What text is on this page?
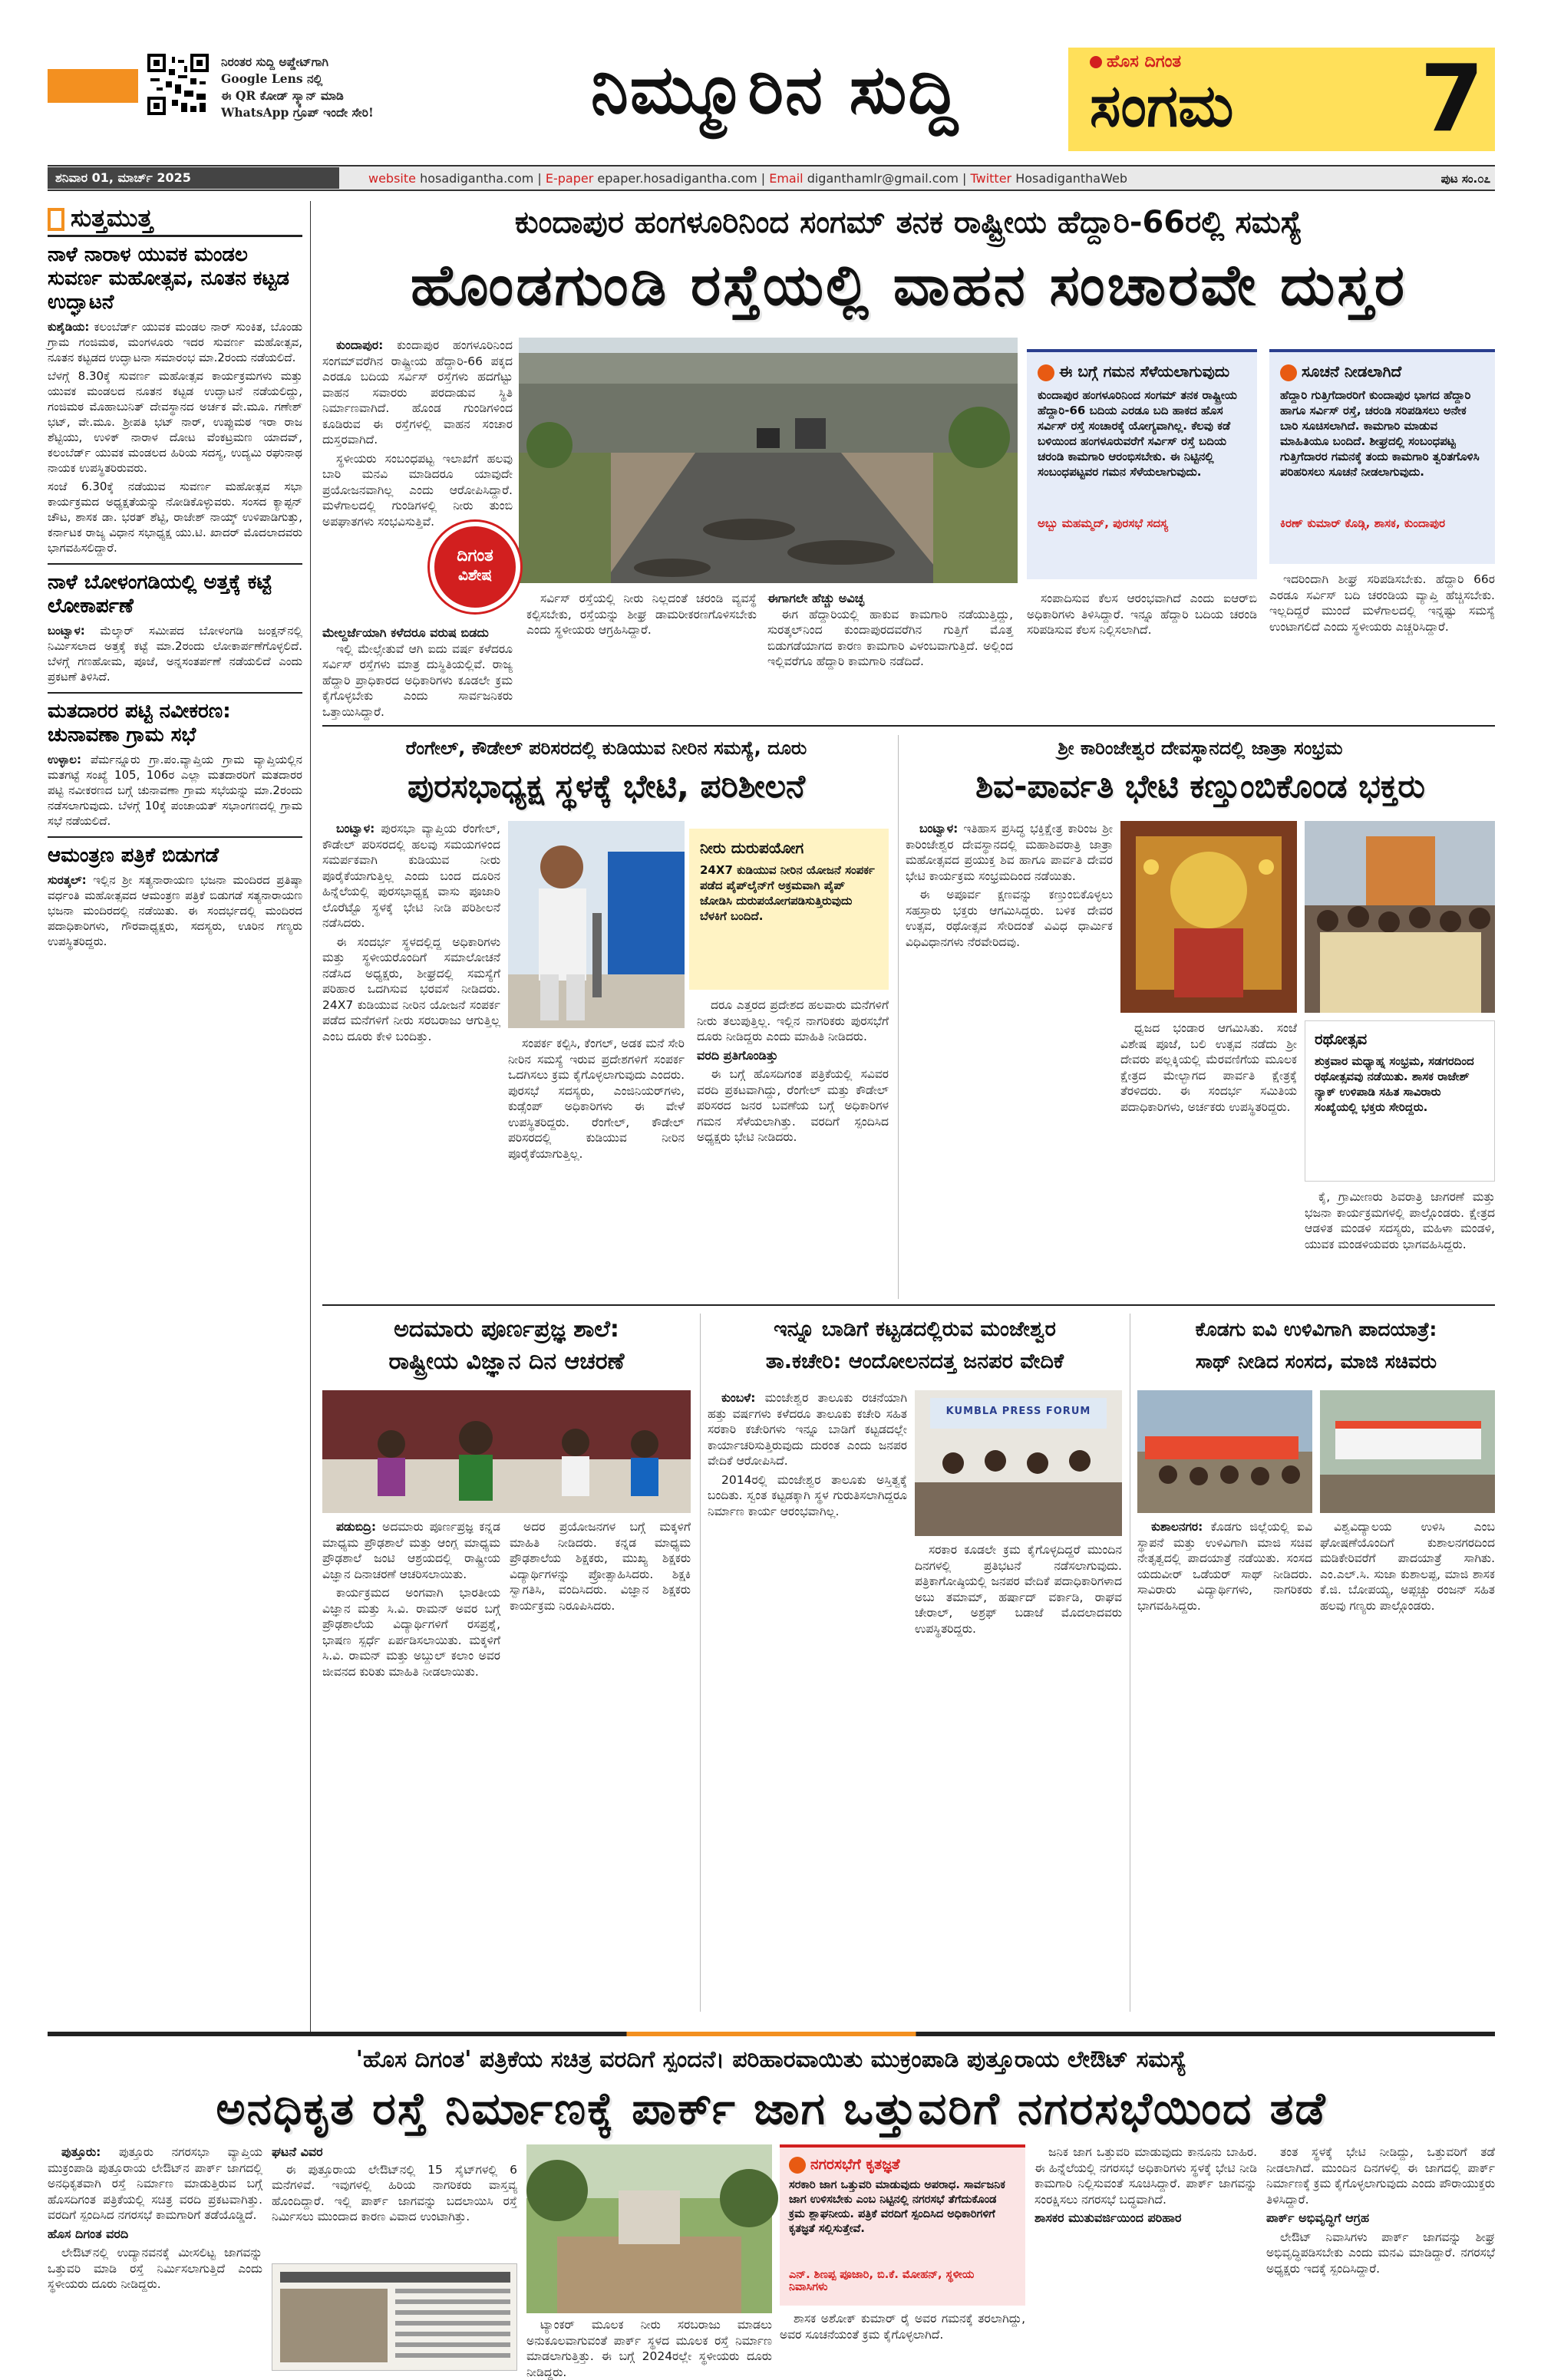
ನಿರಂತರ ಸುದ್ದಿ ಅಪ್ಡೇಟ್‌ಗಾಗಿ
Google Lens ನಲ್ಲಿ
ಈ QR ಕೋಡ್ ಸ್ಕ್ಯಾನ್ ಮಾಡಿ
WhatsApp ಗ್ರೂಪ್ ಇಂದೇ ಸೇರಿ!	ನಿಮ್ಮೂರಿನ ಸುದ್ದಿ	ಹೊಸ ದಿಗಂತ
ಸಂಗಮ 7
ಶನಿವಾರ 01, ಮಾರ್ಚ್ 2025	website hosadigantha.com | E-paper epaper.hosadigantha.com | Email diganthamlr@gmail.com | Twitter HosadiganthaWeb	ಪುಟ ಸಂ.೦೭
ಸುತ್ತಮುತ್ತ
ನಾಳೆ ನಾರಾಳ ಯುವಕ ಮಂಡಲ ಸುವರ್ಣ ಮಹೋತ್ಸವ, ನೂತನ ಕಟ್ಟಡ ಉದ್ಘಾಟನೆ

ಕುಶೈಡಿಯ: ಕಲಂಬೆರ್ಡ್ ಯುವಕ ಮಂಡಲ ನಾರ್ ಸುಂಕಿತ, ಬೊಂಡು ಗ್ರಾಮ ಗಂಜಿಮಠ, ಮಂಗಳೂರು ಇದರ ಸುವರ್ಣ ಮಹೋತ್ಸವ, ನೂತನ ಕಟ್ಟಡದ ಉದ್ಘಾಟನಾ ಸಮಾರಂಭ ಮಾ.2ರಂದು ನಡೆಯಲಿದೆ.

ಬೆಳಗ್ಗೆ 8.30ಕ್ಕೆ ಸುವರ್ಣ ಮಹೋತ್ಸವ ಕಾರ್ಯಕ್ರಮಗಳು ಮತ್ತು ಯುವಕ ಮಂಡಲದ ನೂತನ ಕಟ್ಟಡ ಉದ್ಘಾಟನೆ ನಡೆಯಲಿದ್ದು, ಗಂಜಿಮಠ ಮೊಹಾಬುನಿತ್ ದೇವಸ್ಥಾನದ ಅರ್ಚಕ ವೇ.ಮೂ. ಗಣೇಶ್ ಭಟ್, ವೇ.ಮೂ. ಶ್ರೀಪತಿ ಭಟ್ ನಾರ್, ಉಪ್ಪುಮಠ ಇರಾ ರಾಜ ಶೆಟ್ಟಿಯು, ಉಳಿಕ್ ನಾರಾಳ ದೋಟ ವೆಂಕಟ್ರಮಣ ಯಾದವ್, ಕಲಂಬೆರ್ಡ್ ಯುವಕ ಮಂಡಲದ ಹಿರಿಯ ಸದಸ್ಯ, ಉದ್ಯಮಿ ರಘುನಾಥ ನಾಯಕ ಉಪಸ್ಥಿತರಿರುವರು.

ಸಂಜೆ 6.30ಕ್ಕೆ ನಡೆಯುವ ಸುವರ್ಣ ಮಹೋತ್ಸವ ಸಭಾ ಕಾರ್ಯಕ್ರಮದ ಅಧ್ಯಕ್ಷತೆಯನ್ನು ನೋಡಿಕೊಳ್ಳುವರು. ಸಂಸದ ಕ್ಯಾಪ್ಟನ್ ಚೌಟ, ಶಾಸಕ ಡಾ. ಭರತ್ ಶೆಟ್ಟಿ, ರಾಜೇಶ್ ನಾಯ್ಕ್ ಉಳಿಪಾಡಿಗುತ್ತು, ಕರ್ನಾಟಕ ರಾಜ್ಯ ವಿಧಾನ ಸಭಾಧ್ಯಕ್ಷ ಯು.ಟಿ. ಖಾದರ್ ಮೊದಲಾದವರು ಭಾಗವಹಿಸಲಿದ್ದಾರೆ.

ನಾಳೆ ಬೋಳಂಗಡಿಯಲ್ಲಿ ಅತ್ತಕ್ಕೆ ಕಟ್ಟೆ ಲೋಕಾರ್ಪಣೆ

ಬಂಟ್ವಾಳ: ಮೆಲ್ಕಾರ್ ಸಮೀಪದ ಬೋಳಂಗಡಿ ಜಂಕ್ಷನ್‌ನಲ್ಲಿ ನಿರ್ಮಿಸಲಾದ ಅತ್ತಕ್ಕೆ ಕಟ್ಟೆ ಮಾ.2ರಂದು ಲೋಕಾರ್ಪಣೆಗೊಳ್ಳಲಿದೆ. ಬೆಳಗ್ಗೆ ಗಣಹೋಮ, ಪೂಜೆ, ಅನ್ನಸಂತರ್ಪಣೆ ನಡೆಯಲಿದೆ ಎಂದು ಪ್ರಕಟಣೆ ತಿಳಿಸಿದೆ.

ಮತದಾರರ ಪಟ್ಟಿ ನವೀಕರಣ: ಚುನಾವಣಾ ಗ್ರಾಮ ಸಭೆ

ಉಳ್ಳಾಲ: ಪೆರ್ಮನ್ನೂರು ಗ್ರಾ.ಪಂ.ವ್ಯಾಪ್ತಿಯ ಗ್ರಾಮ ವ್ಯಾಪ್ತಿಯಲ್ಲಿನ ಮತಗಟ್ಟೆ ಸಂಖ್ಯೆ 105, 106ರ ಎಲ್ಲಾ ಮತದಾರರಿಗೆ ಮತದಾರರ ಪಟ್ಟಿ ನವೀಕರಣದ ಬಗ್ಗೆ ಚುನಾವಣಾ ಗ್ರಾಮ ಸಭೆಯನ್ನು ಮಾ.2ರಂದು ನಡೆಸಲಾಗುವುದು. ಬೆಳಗ್ಗೆ 10ಕ್ಕೆ ಪಂಚಾಯತ್ ಸಭಾಂಗಣದಲ್ಲಿ ಗ್ರಾಮ ಸಭೆ ನಡೆಯಲಿದೆ.

ಆಮಂತ್ರಣ ಪತ್ರಿಕೆ ಬಿಡುಗಡೆ

ಸುರತ್ಕಲ್: ಇಲ್ಲಿನ ಶ್ರೀ ಸತ್ಯನಾರಾಯಣ ಭಜನಾ ಮಂದಿರದ ಪ್ರತಿಷ್ಠಾ ವರ್ಧಂತಿ ಮಹೋತ್ಸವದ ಆಮಂತ್ರಣ ಪತ್ರಿಕೆ ಬಿಡುಗಡೆ ಸತ್ಯನಾರಾಯಣ ಭಜನಾ ಮಂದಿರದಲ್ಲಿ ನಡೆಯಿತು. ಈ ಸಂದರ್ಭದಲ್ಲಿ ಮಂದಿರದ ಪದಾಧಿಕಾರಿಗಳು, ಗೌರವಾಧ್ಯಕ್ಷರು, ಸದಸ್ಯರು, ಊರಿನ ಗಣ್ಯರು ಉಪಸ್ಥಿತರಿದ್ದರು.

ಕುಂದಾಪುರ ಹಂಗಳೂರಿನಿಂದ ಸಂಗಮ್ ತನಕ ರಾಷ್ಟ್ರೀಯ ಹೆದ್ದಾರಿ-66ರಲ್ಲಿ ಸಮಸ್ಯೆ
ಹೊಂಡಗುಂಡಿ ರಸ್ತೆಯಲ್ಲಿ ವಾಹನ ಸಂಚಾರವೇ ದುಸ್ತರ

ಕುಂದಾಪುರ: ಕುಂದಾಪುರ ಹಂಗಳೂರಿನಿಂದ ಸಂಗಮ್‌ವರೆಗಿನ ರಾಷ್ಟ್ರೀಯ ಹೆದ್ದಾರಿ-66 ಪಕ್ಕದ ಎರಡೂ ಬದಿಯ ಸರ್ವಿಸ್ ರಸ್ತೆಗಳು ಹದಗೆಟ್ಟು ವಾಹನ ಸವಾರರು ಪರದಾಡುವ ಸ್ಥಿತಿ ನಿರ್ಮಾಣವಾಗಿದೆ. ಹೊಂಡ ಗುಂಡಿಗಳಿಂದ ಕೂಡಿರುವ ಈ ರಸ್ತೆಗಳಲ್ಲಿ ವಾಹನ ಸಂಚಾರ ದುಸ್ತರವಾಗಿದೆ.

ಸ್ಥಳೀಯರು ಸಂಬಂಧಪಟ್ಟ ಇಲಾಖೆಗೆ ಹಲವು ಬಾರಿ ಮನವಿ ಮಾಡಿದರೂ ಯಾವುದೇ ಪ್ರಯೋಜನವಾಗಿಲ್ಲ ಎಂದು ಆರೋಪಿಸಿದ್ದಾರೆ. ಮಳೆಗಾಲದಲ್ಲಿ ಗುಂಡಿಗಳಲ್ಲಿ ನೀರು ತುಂಬಿ ಅಪಘಾತಗಳು ಸಂಭವಿಸುತ್ತಿವೆ.

ದಿಗಂತ
ವಿಶೇಷ
ಮೇಲ್ದರ್ಜೆಯಾಗಿ ಕಳೆದರೂ ವರುಷ ಬಿಡದು

ಇಲ್ಲಿ ಮೇಲ್ಸೇತುವೆ ಆಗಿ ಐದು ವರ್ಷ ಕಳೆದರೂ ಸರ್ವಿಸ್ ರಸ್ತೆಗಳು ಮಾತ್ರ ದುಸ್ಥಿತಿಯಲ್ಲಿವೆ. ರಾಜ್ಯ ಹೆದ್ದಾರಿ ಪ್ರಾಧಿಕಾರದ ಅಧಿಕಾರಿಗಳು ಕೂಡಲೇ ಕ್ರಮ ಕೈಗೊಳ್ಳಬೇಕು ಎಂದು ಸಾರ್ವಜನಿಕರು ಒತ್ತಾಯಿಸಿದ್ದಾರೆ.

ಸರ್ವಿಸ್ ರಸ್ತೆಯಲ್ಲಿ ನೀರು ನಿಲ್ಲದಂತೆ ಚರಂಡಿ ವ್ಯವಸ್ಥೆ ಕಲ್ಪಿಸಬೇಕು, ರಸ್ತೆಯನ್ನು ಶೀಘ್ರ ಡಾಮರೀಕರಣಗೊಳಿಸಬೇಕು ಎಂದು ಸ್ಥಳೀಯರು ಆಗ್ರಹಿಸಿದ್ದಾರೆ.

ಈಗಾಗಲೇ ಹೆಚ್ಚು ಅವಿಚ್ಛ

ಈಗ ಹೆದ್ದಾರಿಯಲ್ಲಿ ಹಾಕುವ ಕಾಮಗಾರಿ ನಡೆಯುತ್ತಿದ್ದು, ಸುರತ್ಕಲ್‌ನಿಂದ ಕುಂದಾಪುರದವರೆಗಿನ ಗುತ್ತಿಗೆ ಮೊತ್ತ ಬಿಡುಗಡೆಯಾಗದ ಕಾರಣ ಕಾಮಗಾರಿ ವಿಳಂಬವಾಗುತ್ತಿದೆ. ಅಲ್ಲಿಂದ ಇಲ್ಲಿವರೆಗೂ ಹೆದ್ದಾರಿ ಕಾಮಗಾರಿ ನಡೆದಿದೆ.

ಈ ಬಗ್ಗೆ ಗಮನ ಸೆಳೆಯಲಾಗುವುದು
ಕುಂದಾಪುರ ಹಂಗಳೂರಿನಿಂದ ಸಂಗಮ್ ತನಕ ರಾಷ್ಟ್ರೀಯ ಹೆದ್ದಾರಿ-66 ಬದಿಯ ಎರಡೂ ಬದಿ ಹಾಕದ ಹೊಸ ಸರ್ವಿಸ್ ರಸ್ತೆ ಸಂಚಾರಕ್ಕೆ ಯೋಗ್ಯವಾಗಿಲ್ಲ. ಕೆಲವು ಕಡೆ ಬಳಿಯಿಂದ ಹಂಗಳೂರುವರೆಗೆ ಸರ್ವಿಸ್ ರಸ್ತೆ ಬದಿಯ ಚರಂಡಿ ಕಾಮಗಾರಿ ಆರಂಭಿಸಬೇಕು. ಈ ನಿಟ್ಟಿನಲ್ಲಿ ಸಂಬಂಧಪಟ್ಟವರ ಗಮನ ಸೆಳೆಯಲಾಗುವುದು.
ಅಬ್ಬು ಮಹಮ್ಮದ್, ಪುರಸಭೆ ಸದಸ್ಯ
ಸೂಚನೆ ನೀಡಲಾಗಿದೆ
ಹೆದ್ದಾರಿ ಗುತ್ತಿಗೆದಾರರಿಗೆ ಕುಂದಾಪುರ ಭಾಗದ ಹೆದ್ದಾರಿ ಹಾಗೂ ಸರ್ವಿಸ್ ರಸ್ತೆ, ಚರಂಡಿ ಸರಿಪಡಿಸಲು ಅನೇಕ ಬಾರಿ ಸೂಚಿಸಲಾಗಿದೆ. ಕಾಮಗಾರಿ ಮಾಡುವ ಮಾಹಿತಿಯೂ ಬಂದಿದೆ. ಶೀಘ್ರದಲ್ಲಿ ಸಂಬಂಧಪಟ್ಟ ಗುತ್ತಿಗೆದಾರರ ಗಮನಕ್ಕೆ ತಂದು ಕಾಮಗಾರಿ ತ್ವರಿತಗೊಳಿಸಿ ಪರಿಹರಿಸಲು ಸೂಚನೆ ನೀಡಲಾಗುವುದು.
ಕಿರಣ್ ಕುಮಾರ್ ಕೊಡ್ಗಿ, ಶಾಸಕ, ಕುಂದಾಪುರ

ಸಂಪಾದಿಸುವ ಕೆಲಸ ಆರಂಭವಾಗಿದೆ ಎಂದು ಐಆರ್‌ಬಿ ಅಧಿಕಾರಿಗಳು ತಿಳಿಸಿದ್ದಾರೆ. ಇನ್ನೂ ಹೆದ್ದಾರಿ ಬದಿಯ ಚರಂಡಿ ಸರಿಪಡಿಸುವ ಕೆಲಸ ನಿಲ್ಲಿಸಲಾಗಿದೆ.

ಇದರಿಂದಾಗಿ ಶೀಘ್ರ ಸರಿಪಡಿಸಬೇಕು. ಹೆದ್ದಾರಿ 66ರ ಎರಡೂ ಸರ್ವಿಸ್ ಬದಿ ಚರಂಡಿಯ ವ್ಯಾಪ್ತಿ ಹೆಚ್ಚಿಸಬೇಕು. ಇಲ್ಲದಿದ್ದರೆ ಮುಂದೆ ಮಳೆಗಾಲದಲ್ಲಿ ಇನ್ನಷ್ಟು ಸಮಸ್ಯೆ ಉಂಟಾಗಲಿದೆ ಎಂದು ಸ್ಥಳೀಯರು ಎಚ್ಚರಿಸಿದ್ದಾರೆ.

ರೆಂಗೇಲ್, ಕೌಡೇಲ್ ಪರಿಸರದಲ್ಲಿ ಕುಡಿಯುವ ನೀರಿನ ಸಮಸ್ಯೆ, ದೂರು
ಪುರಸಭಾಧ್ಯಕ್ಷ ಸ್ಥಳಕ್ಕೆ ಭೇಟಿ, ಪರಿಶೀಲನೆ

ಬಂಟ್ವಾಳ: ಪುರಸಭಾ ವ್ಯಾಪ್ತಿಯ ರೆಂಗೇಲ್, ಕೌಡೇಲ್ ಪರಿಸರದಲ್ಲಿ ಹಲವು ಸಮಯಗಳಿಂದ ಸಮರ್ಪಕವಾಗಿ ಕುಡಿಯುವ ನೀರು ಪೂರೈಕೆಯಾಗುತ್ತಿಲ್ಲ ಎಂದು ಬಂದ ದೂರಿನ ಹಿನ್ನೆಲೆಯಲ್ಲಿ ಪುರಸಭಾಧ್ಯಕ್ಷ ವಾಸು ಪೂಜಾರಿ ಲೊರೆಟ್ಟೊ ಸ್ಥಳಕ್ಕೆ ಭೇಟಿ ನೀಡಿ ಪರಿಶೀಲನೆ ನಡೆಸಿದರು.

ಈ ಸಂದರ್ಭ ಸ್ಥಳದಲ್ಲಿದ್ದ ಅಧಿಕಾರಿಗಳು ಮತ್ತು ಸ್ಥಳೀಯರೊಂದಿಗೆ ಸಮಾಲೋಚನೆ ನಡೆಸಿದ ಅಧ್ಯಕ್ಷರು, ಶೀಘ್ರದಲ್ಲಿ ಸಮಸ್ಯೆಗೆ ಪರಿಹಾರ ಒದಗಿಸುವ ಭರವಸೆ ನೀಡಿದರು. 24X7 ಕುಡಿಯುವ ನೀರಿನ ಯೋಜನೆ ಸಂಪರ್ಕ ಪಡೆದ ಮನೆಗಳಿಗೆ ನೀರು ಸರಬರಾಜು ಆಗುತ್ತಿಲ್ಲ ಎಂಬ ದೂರು ಕೇಳಿ ಬಂದಿತ್ತು.

ನೀರು ದುರುಪಯೋಗ
24X7 ಕುಡಿಯುವ ನೀರಿನ ಯೋಜನೆ ಸಂಪರ್ಕ ಪಡೆದ ಪೈಪ್‌ಲೈನ್‌ಗೆ ಅಕ್ರಮವಾಗಿ ಪೈಪ್ ಜೋಡಿಸಿ ದುರುಪಯೋಗಪಡಿಸುತ್ತಿರುವುದು ಬೆಳಕಿಗೆ ಬಂದಿದೆ.

ಸಂಪರ್ಕ ಕಲ್ಪಿಸಿ, ಕೆಂಗಲ್, ಅಡಕ ಮನೆ ಸೇರಿ ನೀರಿನ ಸಮಸ್ಯೆ ಇರುವ ಪ್ರದೇಶಗಳಿಗೆ ಸಂಪರ್ಕ ಒದಗಿಸಲು ಕ್ರಮ ಕೈಗೊಳ್ಳಲಾಗುವುದು ಎಂದರು. ಪುರಸಭೆ ಸದಸ್ಯರು, ಎಂಜಿನಿಯರ್‌ಗಳು, ಕುಡ್ಸೆಂಪ್ ಅಧಿಕಾರಿಗಳು ಈ ವೇಳೆ ಉಪಸ್ಥಿತರಿದ್ದರು. ರೆಂಗೇಲ್, ಕೌಡೇಲ್ ಪರಿಸರದಲ್ಲಿ ಕುಡಿಯುವ ನೀರಿನ ಪೂರೈಕೆಯಾಗುತ್ತಿಲ್ಲ.

ದರೂ ಎತ್ತರದ ಪ್ರದೇಶದ ಹಲವಾರು ಮನೆಗಳಿಗೆ ನೀರು ತಲುಪುತ್ತಿಲ್ಲ. ಇಲ್ಲಿನ ನಾಗರಿಕರು ಪುರಸಭೆಗೆ ದೂರು ನೀಡಿದ್ದರು ಎಂದು ಮಾಹಿತಿ ನೀಡಿದರು.

ವರದಿ ಪ್ರತಿಗೊಂಡಿತ್ತು

ಈ ಬಗ್ಗೆ ಹೊಸದಿಗಂತ ಪತ್ರಿಕೆಯಲ್ಲಿ ಸವಿವರ ವರದಿ ಪ್ರಕಟವಾಗಿದ್ದು, ರೆಂಗೇಲ್ ಮತ್ತು ಕೌಡೇಲ್ ಪರಿಸರದ ಜನರ ಬವಣೆಯ ಬಗ್ಗೆ ಅಧಿಕಾರಿಗಳ ಗಮನ ಸೆಳೆಯಲಾಗಿತ್ತು. ವರದಿಗೆ ಸ್ಪಂದಿಸಿದ ಅಧ್ಯಕ್ಷರು ಭೇಟಿ ನೀಡಿದರು.

ಶ್ರೀ ಕಾರಿಂಜೇಶ್ವರ ದೇವಸ್ಥಾನದಲ್ಲಿ ಜಾತ್ರಾ ಸಂಭ್ರಮ
ಶಿವ-ಪಾರ್ವತಿ ಭೇಟಿ ಕಣ್ತುಂಬಿಕೊಂಡ ಭಕ್ತರು

ಬಂಟ್ವಾಳ: ಇತಿಹಾಸ ಪ್ರಸಿದ್ಧ ಭಕ್ತಿಕ್ಷೇತ್ರ ಕಾರಿಂಜ ಶ್ರೀ ಕಾರಿಂಜೇಶ್ವರ ದೇವಸ್ಥಾನದಲ್ಲಿ ಮಹಾಶಿವರಾತ್ರಿ ಜಾತ್ರಾ ಮಹೋತ್ಸವದ ಪ್ರಯುಕ್ತ ಶಿವ ಹಾಗೂ ಪಾರ್ವತಿ ದೇವರ ಭೇಟಿ ಕಾರ್ಯಕ್ರಮ ಸಂಭ್ರಮದಿಂದ ನಡೆಯಿತು.

ಈ ಅಪೂರ್ವ ಕ್ಷಣವನ್ನು ಕಣ್ತುಂಬಿಕೊಳ್ಳಲು ಸಹಸ್ರಾರು ಭಕ್ತರು ಆಗಮಿಸಿದ್ದರು. ಬಳಿಕ ದೇವರ ಉತ್ಸವ, ರಥೋತ್ಸವ ಸೇರಿದಂತೆ ವಿವಿಧ ಧಾರ್ಮಿಕ ವಿಧಿವಿಧಾನಗಳು ನೆರವೇರಿದವು.

ರಥೋತ್ಸವ
ಶುಕ್ರವಾರ ಮಧ್ಯಾಹ್ನ ಸಂಭ್ರಮ, ಸಡಗರದಿಂದ ರಥೋತ್ಸವವು ನಡೆಯಿತು. ಶಾಸಕ ರಾಜೇಶ್ ನ್ಯಾಕ್ ಉಳಿಪಾಡಿ ಸಹಿತ ಸಾವಿರಾರು ಸಂಖ್ಯೆಯಲ್ಲಿ ಭಕ್ತರು ಸೇರಿದ್ದರು.

ಧ್ವಜದ ಭಂಡಾರ ಆಗಮಿಸಿತು. ಸಂಜೆ ವಿಶೇಷ ಪೂಜೆ, ಬಲಿ ಉತ್ಸವ ನಡೆದು ಶ್ರೀ ದೇವರು ಪಲ್ಲಕ್ಕಿಯಲ್ಲಿ ಮೆರವಣಿಗೆಯ ಮೂಲಕ ಕ್ಷೇತ್ರದ ಮೇಲ್ಭಾಗದ ಪಾರ್ವತಿ ಕ್ಷೇತ್ರಕ್ಕೆ ತೆರಳಿದರು. ಈ ಸಂದರ್ಭ ಸಮಿತಿಯ ಪದಾಧಿಕಾರಿಗಳು, ಅರ್ಚಕರು ಉಪಸ್ಥಿತರಿದ್ದರು.

ಕೈ, ಗ್ರಾಮೀಣರು ಶಿವರಾತ್ರಿ ಜಾಗರಣೆ ಮತ್ತು ಭಜನಾ ಕಾರ್ಯಕ್ರಮಗಳಲ್ಲಿ ಪಾಲ್ಗೊಂಡರು. ಕ್ಷೇತ್ರದ ಆಡಳಿತ ಮಂಡಳಿ ಸದಸ್ಯರು, ಮಹಿಳಾ ಮಂಡಳಿ, ಯುವಕ ಮಂಡಳಿಯವರು ಭಾಗವಹಿಸಿದ್ದರು.

ಅದಮಾರು ಪೂರ್ಣಪ್ರಜ್ಞ ಶಾಲೆ:
ರಾಷ್ಟ್ರೀಯ ವಿಜ್ಞಾನ ದಿನ ಆಚರಣೆ

ಪಡುಬಿದ್ರಿ: ಅದಮಾರು ಪೂರ್ಣಪ್ರಜ್ಞ ಕನ್ನಡ ಮಾಧ್ಯಮ ಪ್ರೌಢಶಾಲೆ ಮತ್ತು ಆಂಗ್ಲ ಮಾಧ್ಯಮ ಪ್ರೌಢಶಾಲೆ ಜಂಟಿ ಆಶ್ರಯದಲ್ಲಿ ರಾಷ್ಟ್ರೀಯ ವಿಜ್ಞಾನ ದಿನಾಚರಣೆ ಆಚರಿಸಲಾಯಿತು.

ಕಾರ್ಯಕ್ರಮದ ಅಂಗವಾಗಿ ಭಾರತೀಯ ವಿಜ್ಞಾನ ಮತ್ತು ಸಿ.ವಿ. ರಾಮನ್ ಅವರ ಬಗ್ಗೆ ಪ್ರೌಢಶಾಲೆಯ ವಿದ್ಯಾರ್ಥಿಗಳಿಗೆ ರಸಪ್ರಶ್ನೆ, ಭಾಷಣ ಸ್ಪರ್ಧೆ ಏರ್ಪಡಿಸಲಾಯಿತು. ಮಕ್ಕಳಿಗೆ ಸಿ.ವಿ. ರಾಮನ್ ಮತ್ತು ಅಬ್ದುಲ್ ಕಲಾಂ ಅವರ ಜೀವನದ ಕುರಿತು ಮಾಹಿತಿ ನೀಡಲಾಯಿತು.

ಅದರ ಪ್ರಯೋಜನಗಳ ಬಗ್ಗೆ ಮಕ್ಕಳಿಗೆ ಮಾಹಿತಿ ನೀಡಿದರು. ಕನ್ನಡ ಮಾಧ್ಯಮ ಪ್ರೌಢಶಾಲೆಯ ಶಿಕ್ಷಕರು, ಮುಖ್ಯ ಶಿಕ್ಷಕರು ವಿದ್ಯಾರ್ಥಿಗಳನ್ನು ಪ್ರೋತ್ಸಾಹಿಸಿದರು. ಶಿಕ್ಷಕಿ ಸ್ವಾಗತಿಸಿ, ವಂದಿಸಿದರು. ವಿಜ್ಞಾನ ಶಿಕ್ಷಕರು ಕಾರ್ಯಕ್ರಮ ನಿರೂಪಿಸಿದರು.

ಇನ್ನೂ ಬಾಡಿಗೆ ಕಟ್ಟಡದಲ್ಲಿರುವ ಮಂಜೇಶ್ವರ
ತಾ.ಕಚೇರಿ: ಆಂದೋಲನದತ್ತ ಜನಪರ ವೇದಿಕೆ

ಕುಂಬಳೆ: ಮಂಜೇಶ್ವರ ತಾಲೂಕು ರಚನೆಯಾಗಿ ಹತ್ತು ವರ್ಷಗಳು ಕಳೆದರೂ ತಾಲೂಕು ಕಚೇರಿ ಸಹಿತ ಸರಕಾರಿ ಕಚೇರಿಗಳು ಇನ್ನೂ ಬಾಡಿಗೆ ಕಟ್ಟಡದಲ್ಲೇ ಕಾರ್ಯಾಚರಿಸುತ್ತಿರುವುದು ದುರಂತ ಎಂದು ಜನಪರ ವೇದಿಕೆ ಆರೋಪಿಸಿದೆ.

2014ರಲ್ಲಿ ಮಂಜೇಶ್ವರ ತಾಲೂಕು ಅಸ್ತಿತ್ವಕ್ಕೆ ಬಂದಿತು. ಸ್ವಂತ ಕಟ್ಟಡಕ್ಕಾಗಿ ಸ್ಥಳ ಗುರುತಿಸಲಾಗಿದ್ದರೂ ನಿರ್ಮಾಣ ಕಾರ್ಯ ಆರಂಭವಾಗಿಲ್ಲ.

KUMBLA PRESS FORUM

ಸರಕಾರ ಕೂಡಲೇ ಕ್ರಮ ಕೈಗೊಳ್ಳದಿದ್ದರೆ ಮುಂದಿನ ದಿನಗಳಲ್ಲಿ ಪ್ರತಿಭಟನೆ ನಡೆಸಲಾಗುವುದು. ಪತ್ರಿಕಾಗೋಷ್ಠಿಯಲ್ಲಿ ಜನಪರ ವೇದಿಕೆ ಪದಾಧಿಕಾರಿಗಳಾದ ಅಬು ತಮಾಮ್, ಹರ್ಷಾದ್ ವರ್ಕಾಡಿ, ರಾಘವ ಚೇರಾಲ್, ಅಶ್ರಫ್ ಬಡಾಜೆ ಮೊದಲಾದವರು ಉಪಸ್ಥಿತರಿದ್ದರು.

ಕೊಡಗು ಐವಿ ಉಳಿವಿಗಾಗಿ ಪಾದಯಾತ್ರೆ:
ಸಾಥ್ ನೀಡಿದ ಸಂಸದ, ಮಾಜಿ ಸಚಿವರು

ಕುಶಾಲನಗರ: ಕೊಡಗು ಜಿಲ್ಲೆಯಲ್ಲಿ ಐವಿ ಸ್ಥಾಪನೆ ಮತ್ತು ಉಳಿವಿಗಾಗಿ ಮಾಜಿ ಸಚಿವ ನೇತೃತ್ವದಲ್ಲಿ ಪಾದಯಾತ್ರೆ ನಡೆಯಿತು. ಸಂಸದ ಯದುವೀರ್ ಒಡೆಯರ್ ಸಾಥ್ ನೀಡಿದರು. ಸಾವಿರಾರು ವಿದ್ಯಾರ್ಥಿಗಳು, ನಾಗರಿಕರು ಭಾಗವಹಿಸಿದ್ದರು.

ವಿಶ್ವವಿದ್ಯಾಲಯ ಉಳಿಸಿ ಎಂಬ ಘೋಷಣೆಯೊಂದಿಗೆ ಕುಶಾಲನಗರದಿಂದ ಮಡಿಕೇರಿವರೆಗೆ ಪಾದಯಾತ್ರೆ ಸಾಗಿತು. ಎಂ.ಎಲ್.ಸಿ. ಸುಜಾ ಕುಶಾಲಪ್ಪ, ಮಾಜಿ ಶಾಸಕ ಕೆ.ಜಿ. ಬೋಪಯ್ಯ, ಅಪ್ಪಚ್ಚು ರಂಜನ್ ಸಹಿತ ಹಲವು ಗಣ್ಯರು ಪಾಲ್ಗೊಂಡರು.

'ಹೊಸ ದಿಗಂತ' ಪತ್ರಿಕೆಯ ಸಚಿತ್ರ ವರದಿಗೆ ಸ್ಪಂದನೆ। ಪರಿಹಾರವಾಯಿತು ಮುಕ್ರಂಪಾಡಿ ಪುತ್ತೂರಾಯ ಲೇಔಟ್ ಸಮಸ್ಯೆ
ಅನಧಿಕೃತ ರಸ್ತೆ ನಿರ್ಮಾಣಕ್ಕೆ ಪಾರ್ಕ್ ಜಾಗ ಒತ್ತುವರಿಗೆ ನಗರಸಭೆಯಿಂದ ತಡೆ

ಪುತ್ತೂರು: ಪುತ್ತೂರು ನಗರಸಭಾ ವ್ಯಾಪ್ತಿಯ ಮುಕ್ರಂಪಾಡಿ ಪುತ್ತೂರಾಯ ಲೇಔಟ್‌ನ ಪಾರ್ಕ್ ಜಾಗದಲ್ಲಿ ಅನಧಿಕೃತವಾಗಿ ರಸ್ತೆ ನಿರ್ಮಾಣ ಮಾಡುತ್ತಿರುವ ಬಗ್ಗೆ ಹೊಸದಿಗಂತ ಪತ್ರಿಕೆಯಲ್ಲಿ ಸಚಿತ್ರ ವರದಿ ಪ್ರಕಟವಾಗಿತ್ತು. ವರದಿಗೆ ಸ್ಪಂದಿಸಿದ ನಗರಸಭೆ ಕಾಮಗಾರಿಗೆ ತಡೆಯೊಡ್ಡಿದೆ.

ಹೊಸ ದಿಗಂತ ವರದಿ

ಲೇಔಟ್‌ನಲ್ಲಿ ಉದ್ಯಾನವನಕ್ಕೆ ಮೀಸಲಿಟ್ಟ ಜಾಗವನ್ನು ಒತ್ತುವರಿ ಮಾಡಿ ರಸ್ತೆ ನಿರ್ಮಿಸಲಾಗುತ್ತಿದೆ ಎಂದು ಸ್ಥಳೀಯರು ದೂರು ನೀಡಿದ್ದರು.

ಘಟನೆ ವಿವರ

ಈ ಪುತ್ತೂರಾಯ ಲೇಔಟ್‌ನಲ್ಲಿ 15 ಸೈಟ್‌ಗಳಲ್ಲಿ 6 ಮನೆಗಳಿವೆ. ಇವುಗಳಲ್ಲಿ ಹಿರಿಯ ನಾಗರಿಕರು ವಾಸ್ತವ್ಯ ಹೊಂದಿದ್ದಾರೆ. ಇಲ್ಲಿ ಪಾರ್ಕ್ ಜಾಗವನ್ನು ಬದಲಾಯಿಸಿ ರಸ್ತೆ ನಿರ್ಮಿಸಲು ಮುಂದಾದ ಕಾರಣ ವಿವಾದ ಉಂಟಾಗಿತ್ತು.

ಟ್ಯಾಂಕರ್ ಮೂಲಕ ನೀರು ಸರಬರಾಜು ಮಾಡಲು ಅನುಕೂಲವಾಗುವಂತೆ ಪಾರ್ಕ್ ಸ್ಥಳದ ಮೂಲಕ ರಸ್ತೆ ನಿರ್ಮಾಣ ಮಾಡಲಾಗುತ್ತಿತ್ತು. ಈ ಬಗ್ಗೆ 2024ರಲ್ಲೇ ಸ್ಥಳೀಯರು ದೂರು ನೀಡಿದ್ದರು.

ನಗರಸಭೆಗೆ ಕೃತಜ್ಞತೆ
ಸರಕಾರಿ ಜಾಗ ಒತ್ತುವರಿ ಮಾಡುವುದು ಅಪರಾಧ. ಸಾರ್ವಜನಿಕ ಜಾಗ ಉಳಿಸಬೇಕು ಎಂಬ ನಿಟ್ಟಿನಲ್ಲಿ ನಗರಸಭೆ ತೆಗೆದುಕೊಂಡ ಕ್ರಮ ಶ್ಲಾಘನೀಯ. ಪತ್ರಿಕೆ ವರದಿಗೆ ಸ್ಪಂದಿಸಿದ ಅಧಿಕಾರಿಗಳಿಗೆ ಕೃತಜ್ಞತೆ ಸಲ್ಲಿಸುತ್ತೇವೆ.
ಎನ್. ಶಿಣಪ್ಪ ಪೂಜಾರಿ, ಬಿ.ಕೆ. ಮೋಹನ್, ಸ್ಥಳೀಯ ನಿವಾಸಿಗಳು

ಶಾಸಕ ಅಶೋಕ್ ಕುಮಾರ್ ರೈ ಅವರ ಗಮನಕ್ಕೆ ತರಲಾಗಿದ್ದು, ಅವರ ಸೂಚನೆಯಂತೆ ಕ್ರಮ ಕೈಗೊಳ್ಳಲಾಗಿದೆ.

ಜನಿಕ ಜಾಗ ಒತ್ತುವರಿ ಮಾಡುವುದು ಕಾನೂನು ಬಾಹಿರ. ಈ ಹಿನ್ನೆಲೆಯಲ್ಲಿ ನಗರಸಭೆ ಅಧಿಕಾರಿಗಳು ಸ್ಥಳಕ್ಕೆ ಭೇಟಿ ನೀಡಿ ಕಾಮಗಾರಿ ನಿಲ್ಲಿಸುವಂತೆ ಸೂಚಿಸಿದ್ದಾರೆ. ಪಾರ್ಕ್ ಜಾಗವನ್ನು ಸಂರಕ್ಷಿಸಲು ನಗರಸಭೆ ಬದ್ಧವಾಗಿದೆ.

ಶಾಸಕರ ಮುತುವರ್ಜಿಯಿಂದ ಪರಿಹಾರ

ತಂತ ಸ್ಥಳಕ್ಕೆ ಭೇಟಿ ನೀಡಿದ್ದು, ಒತ್ತುವರಿಗೆ ತಡೆ ನೀಡಲಾಗಿದೆ. ಮುಂದಿನ ದಿನಗಳಲ್ಲಿ ಈ ಜಾಗದಲ್ಲಿ ಪಾರ್ಕ್ ನಿರ್ಮಾಣಕ್ಕೆ ಕ್ರಮ ಕೈಗೊಳ್ಳಲಾಗುವುದು ಎಂದು ಪೌರಾಯುಕ್ತರು ತಿಳಿಸಿದ್ದಾರೆ.

ಪಾರ್ಕ್ ಅಭಿವೃದ್ಧಿಗೆ ಆಗ್ರಹ

ಲೇಔಟ್ ನಿವಾಸಿಗಳು ಪಾರ್ಕ್ ಜಾಗವನ್ನು ಶೀಘ್ರ ಅಭಿವೃದ್ಧಿಪಡಿಸಬೇಕು ಎಂದು ಮನವಿ ಮಾಡಿದ್ದಾರೆ. ನಗರಸಭೆ ಅಧ್ಯಕ್ಷರು ಇದಕ್ಕೆ ಸ್ಪಂದಿಸಿದ್ದಾರೆ.
